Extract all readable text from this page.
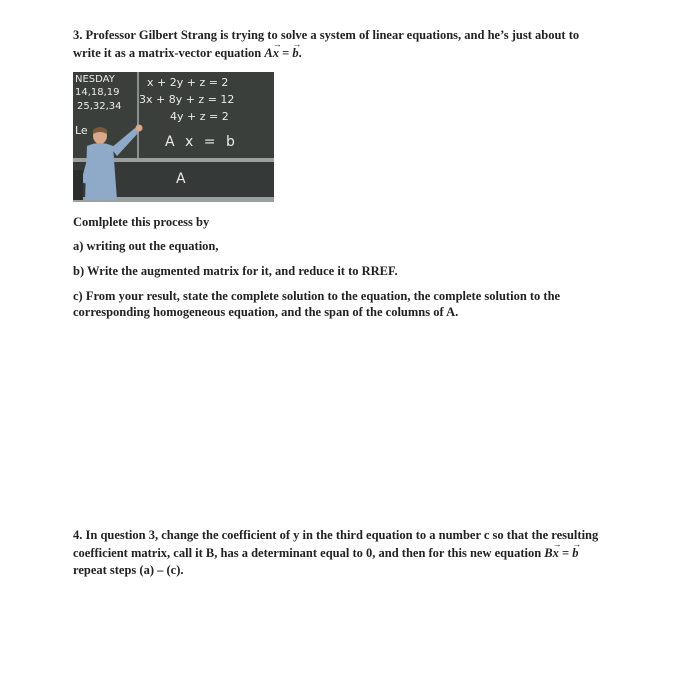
3. Professor Gilbert Strang is trying to solve a system of linear equations, and he’s just about to
write it as a matrix-vector equation A→ x = → b.
NESDAY
14,18,19
25,32,34
Le
x + 2y + z = 2
3x + 8y + z = 12
4y + z = 2
A x = b
A
Comlplete this process by
a) writing out the equation,
b) Write the augmented matrix for it, and reduce it to RREF.
c) From your result, state the complete solution to the equation, the complete solution to the
corresponding homogeneous equation, and the span of the columns of A.
4. In question 3, change the coefficient of y in the third equation to a number c so that the resulting
coefficient matrix, call it B, has a determinant equal to 0, and then for this new equation B→ x = → b
repeat steps (a) – (c).
